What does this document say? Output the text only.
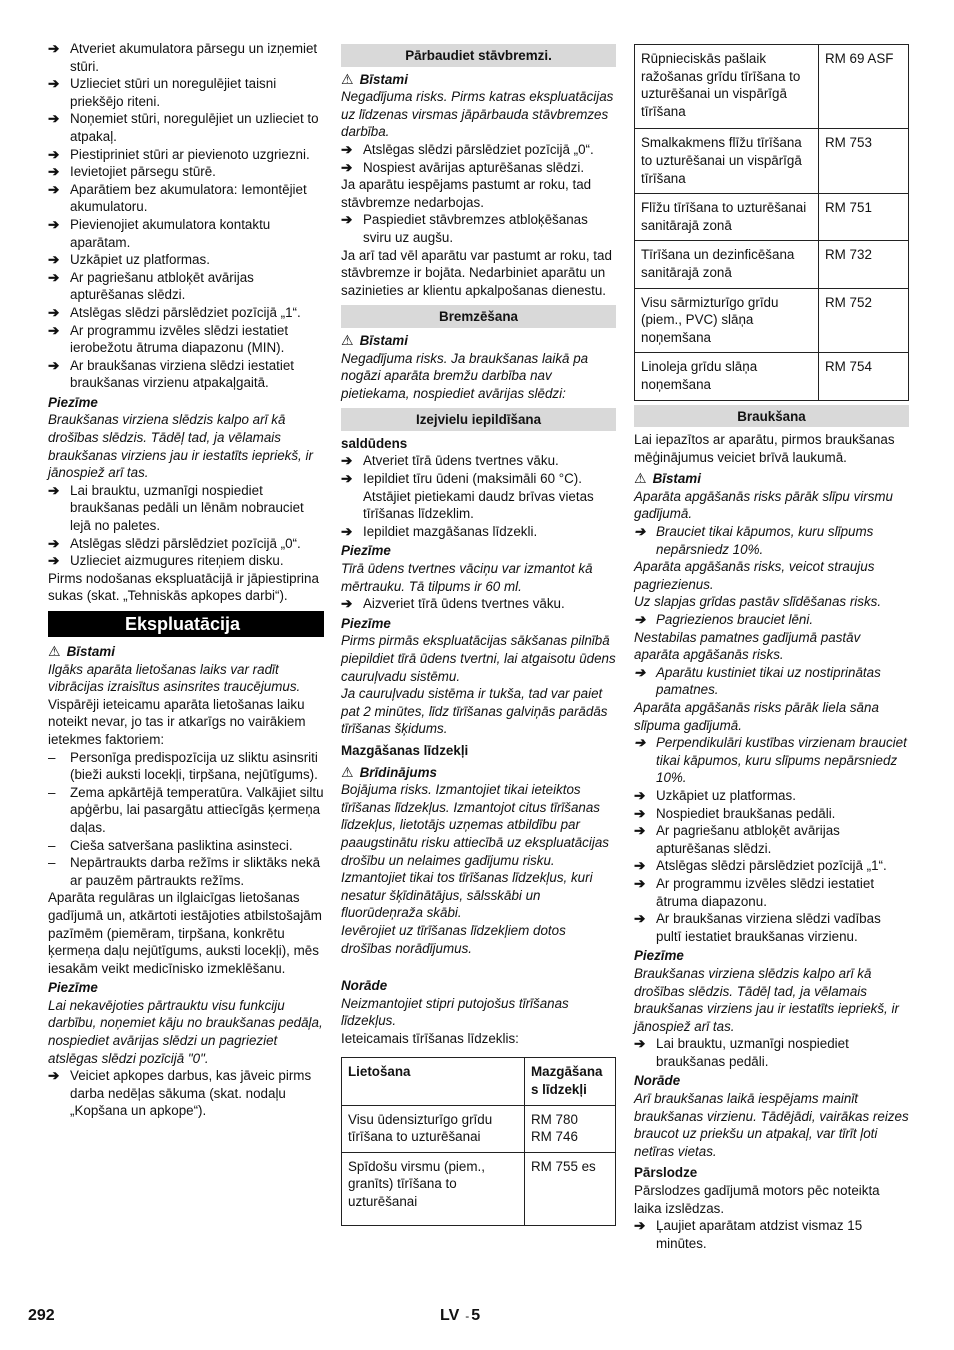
➔ Atveriet akumulatora pārsegu un izņemiet stūri.
➔ Uzlieciet stūri un noregulējiet taisni priekšējo riteni.
➔ Noņemiet stūri, noregulējiet un uzlieciet to atpakaļ.
➔ Piestipriniet stūri ar pievienoto uzgriezni.
➔ Ievietojiet pārsegu stūrē.
➔ Aparātiem bez akumulatora: Iemontējiet akumulatoru.
➔ Pievienojiet akumulatora kontaktu aparātam.
➔ Uzkāpiet uz platformas.
➔ Ar pagriešanu atbloķēt avārijas apturēšanas slēdzi.
➔ Atslēgas slēdzi pārslēdziet pozīcijā „1“.
➔ Ar programmu izvēles slēdzi iestatiet ierobežotu ātruma diapazonu (MIN).
➔ Ar braukšanas virziena slēdzi iestatiet braukšanas virzienu atpakaļgaitā.

Piezīme

Braukšanas virziena slēdzis kalpo arī kā drošības slēdzis. Tādēļ tad, ja vēlamais braukšanas virziens jau ir iestatīts iepriekš, ir jānospiež arī tas.

➔ Lai brauktu, uzmanīgi nospiediet braukšanas pedāli un lēnām nobrauciet lejā no paletes.
➔ Atslēgas slēdzi pārslēdziet pozīcijā „0“.
➔ Uzlieciet aizmugures riteņiem disku.

Pirms nodošanas ekspluatācijā ir jāpiestiprina sukas (skat. „Tehniskās apkopes darbi“).

Ekspluatācija

⚠ Bīstami

Ilgāks aparāta lietošanas laiks var radīt vibrācijas izraisītus asinsrites traucējumus.

Vispārēji ieteicamu aparāta lietošanas laiku noteikt nevar, jo tas ir atkarīgs no vairākiem ietekmes faktoriem:

– Personīga predispozīcija uz sliktu asinsriti (bieži auksti locekļi, tirpšana, nejūtīgums).
– Zema apkārtējā temperatūra. Valkājiet siltu apģērbu, lai pasargātu attiecīgās ķermeņa daļas.
– Cieša satveršana pasliktina asinsteci.
– Nepārtraukts darba režīms ir sliktāks nekā ar pauzēm pārtraukts režīms.

Aparāta regulāras un ilglaicīgas lietošanas gadījumā un, atkārtoti iestājoties atbilstošajām pazīmēm (piemēram, tirpšana, konkrētu ķermeņa daļu nejūtīgums, auksti locekļi), mēs iesakām veikt medicīnisko izmeklēšanu.

Piezīme

Lai nekavējoties pārtrauktu visu funkciju darbību, noņemiet kāju no braukšanas pedāļa, nospiediet avārijas slēdzi un pagrieziet atslēgas slēdzi pozīcijā "0".

➔ Veiciet apkopes darbus, kas jāveic pirms darba nedēļas sākuma (skat. nodaļu „Kopšana un apkope“).
Pārbaudiet stāvbremzi.

⚠ Bīstami

Negadījuma risks. Pirms katras ekspluatācijas uz līdzenas virsmas jāpārbauda stāvbremzes darbība.

➔ Atslēgas slēdzi pārslēdziet pozīcijā „0“.
➔ Nospiest avārijas apturēšanas slēdzi.

Ja aparātu iespējams pastumt ar roku, tad stāvbremze nedarbojas.

➔ Paspiediet stāvbremzes atbloķēšanas sviru uz augšu.

Ja arī tad vēl aparātu var pastumt ar roku, tad stāvbremze ir bojāta. Nedarbiniet aparātu un sazinieties ar klientu apkalpošanas dienestu.

Bremzēšana

⚠ Bīstami

Negadījuma risks. Ja braukšanas laikā pa nogāzi aparāta bremžu darbība nav pietiekama, nospiediet avārijas slēdzi:

Izejvielu iepildīšana

saldūdens

➔ Atveriet tīrā ūdens tvertnes vāku.
➔ Iepildiet tīru ūdeni (maksimāli 60 °C). Atstājiet pietiekami daudz brīvas vietas tīrīšanas līdzeklim.
➔ Iepildiet mazgāšanas līdzekli.

Piezīme

Tīrā ūdens tvertnes vāciņu var izmantot kā mērtrauku. Tā tilpums ir 60 ml.

➔ Aizveriet tīrā ūdens tvertnes vāku.

Piezīme

Pirms pirmās ekspluatācijas sākšanas pilnībā piepildiet tīrā ūdens tvertni, lai atgaisotu ūdens cauruļvadu sistēmu.

Ja cauruļvadu sistēma ir tukša, tad var paiet pat 2 minūtes, līdz tīrīšanas galviņās parādās tīrīšanas šķidums.

Mazgāšanas līdzekļi

⚠ Brīdinājums

Bojājuma risks. Izmantojiet tikai ieteiktos tīrīšanas līdzekļus. Izmantojot citus tīrīšanas līdzekļus, lietotājs uzņemas atbildību par paaugstinātu risku attiecībā uz ekspluatācijas drošību un nelaimes gadījumu risku.

Izmantojiet tikai tos tīrīšanas līdzekļus, kuri nesatur šķīdinātājus, sālsskābi un fluorūdeņraža skābi.

Ievērojiet uz tīrīšanas līdzekļiem dotos drošības norādījumus.

Norāde

Neizmantojiet stipri putojošus tīrīšanas līdzekļus.

Ieteicamais tīrīšanas līdzeklis:

Lietošana	Mazgāšana
s līdzekļi
Visu ūdensizturīgo grīdu tīrīšana to uzturēšanai	RM 780
RM 746
Spīdošu virsmu (piem., granīts) tīrīšana to uzturēšanai	RM 755 es
Rūpnieciskās pašlaik ražošanas grīdu tīrīšana to uzturēšanai un vispārīgā tīrīšana	RM 69 ASF
Smalkakmens flīžu tīrīšana to uzturēšanai un vispārīgā tīrīšana	RM 753
Flīžu tīrīšana to uzturēšanai sanitārajā zonā	RM 751
Tīrīšana un dezinficēšana sanitārajā zonā	RM 732
Visu sārmizturīgo grīdu (piem., PVC) slāņa noņemšana	RM 752
Linoleja grīdu slāņa noņemšana	RM 754
Braukšana

Lai iepazītos ar aparātu, pirmos braukšanas mēģinājumus veiciet brīvā laukumā.

⚠ Bīstami

Aparāta apgāšanās risks pārāk slīpu virsmu gadījumā.

➔ Brauciet tikai kāpumos, kuru slīpums nepārsniedz 10%.

Aparāta apgāšanās risks, veicot straujus pagriezienus.

Uz slapjas grīdas pastāv slīdēšanas risks.

➔ Pagriezienos brauciet lēni.

Nestabilas pamatnes gadījumā pastāv aparāta apgāšanās risks.

➔ Aparātu kustiniet tikai uz nostiprinātas pamatnes.

Aparāta apgāšanās risks pārāk liela sāna slīpuma gadījumā.

➔ Perpendikulāri kustības virzienam brauciet tikai kāpumos, kuru slīpums nepārsniedz 10%.
➔ Uzkāpiet uz platformas.
➔ Nospiediet braukšanas pedāli.
➔ Ar pagriešanu atbloķēt avārijas apturēšanas slēdzi.
➔ Atslēgas slēdzi pārslēdziet pozīcijā „1“.
➔ Ar programmu izvēles slēdzi iestatiet ātruma diapazonu.
➔ Ar braukšanas virziena slēdzi vadības pultī iestatiet braukšanas virzienu.

Piezīme

Braukšanas virziena slēdzis kalpo arī kā drošības slēdzis. Tādēļ tad, ja vēlamais braukšanas virziens jau ir iestatīts iepriekš, ir jānospiež arī tas.

➔ Lai brauktu, uzmanīgi nospiediet braukšanas pedāli.

Norāde

Arī braukšanas laikā iespējams mainīt braukšanas virzienu. Tādējādi, vairākas reizes braucot uz priekšu un atpakaļ, var tīrīt ļoti netīras vietas.

Pārslodze

Pārslodzes gadījumā motors pēc noteikta laika izslēdzas.

➔ Ļaujiet aparātam atdzist vismaz 15 minūtes.
292	LV - 5
